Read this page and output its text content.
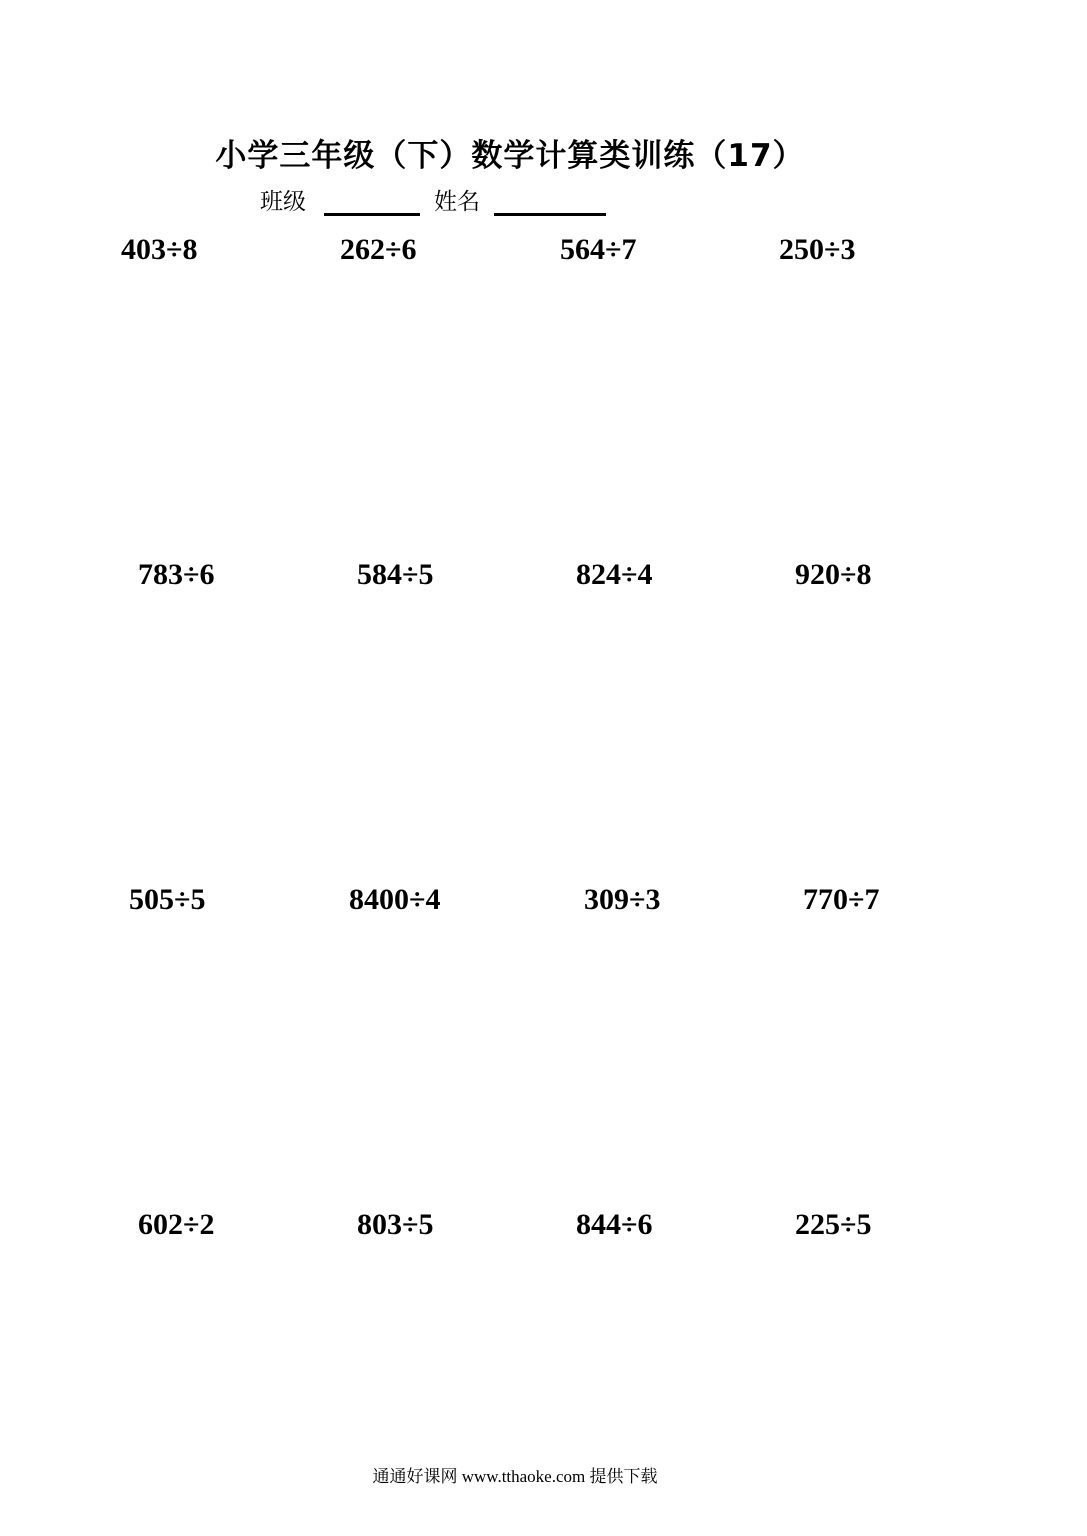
小学三年级（下）数学计算类训练（17）
班级	姓名
403÷8	262÷6	564÷7	250÷3
783÷6	584÷5	824÷4	920÷8
505÷5	8400÷4	309÷3	770÷7
602÷2	803÷5	844÷6	225÷5
通通好课网 www.tthaoke.com 提供下载
